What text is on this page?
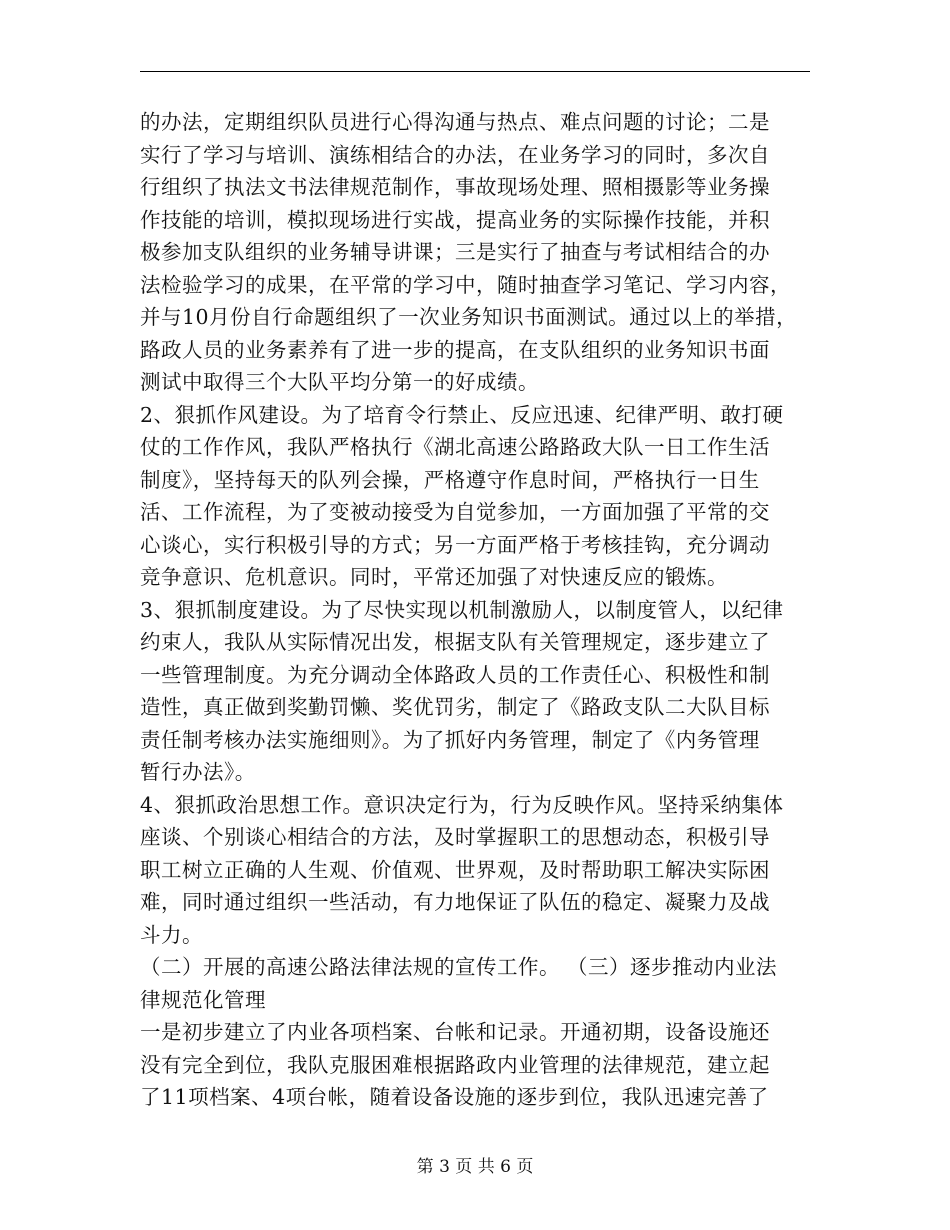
的办法，定期组织队员进行心得沟通与热点、难点问题的讨论；二是
实行了学习与培训、演练相结合的办法，在业务学习的同时，多次自
行组织了执法文书法律规范制作，事故现场处理、照相摄影等业务操
作技能的培训，模拟现场进行实战，提高业务的实际操作技能，并积
极参加支队组织的业务辅导讲课；三是实行了抽查与考试相结合的办
法检验学习的成果，在平常的学习中，随时抽查学习笔记、学习内容，
并与10月份自行命题组织了一次业务知识书面测试。通过以上的举措，
路政人员的业务素养有了进一步的提高，在支队组织的业务知识书面
测试中取得三个大队平均分第一的好成绩。
2、狠抓作风建设。为了培育令行禁止、反应迅速、纪律严明、敢打硬
仗的工作作风，我队严格执行《湖北高速公路路政大队一日工作生活
制度》，坚持每天的队列会操，严格遵守作息时间，严格执行一日生
活、工作流程，为了变被动接受为自觉参加，一方面加强了平常的交
心谈心，实行积极引导的方式；另一方面严格于考核挂钩，充分调动
竞争意识、危机意识。同时，平常还加强了对快速反应的锻炼。
3、狠抓制度建设。为了尽快实现以机制激励人，以制度管人，以纪律
约束人，我队从实际情况出发，根据支队有关管理规定，逐步建立了
一些管理制度。为充分调动全体路政人员的工作责任心、积极性和制
造性，真正做到奖勤罚懒、奖优罚劣，制定了《路政支队二大队目标
责任制考核办法实施细则》。为了抓好内务管理，制定了《内务管理
暂行办法》。
4、狠抓政治思想工作。意识决定行为，行为反映作风。坚持采纳集体
座谈、个别谈心相结合的方法，及时掌握职工的思想动态，积极引导
职工树立正确的人生观、价值观、世界观，及时帮助职工解决实际困
难，同时通过组织一些活动，有力地保证了队伍的稳定、凝聚力及战
斗力。
（二）开展的高速公路法律法规的宣传工作。 （三）逐步推动内业法
律规范化管理
一是初步建立了内业各项档案、台帐和记录。开通初期，设备设施还
没有完全到位，我队克服困难根据路政内业管理的法律规范，建立起
了11项档案、4项台帐，随着设备设施的逐步到位，我队迅速完善了
第 3 页 共 6 页
